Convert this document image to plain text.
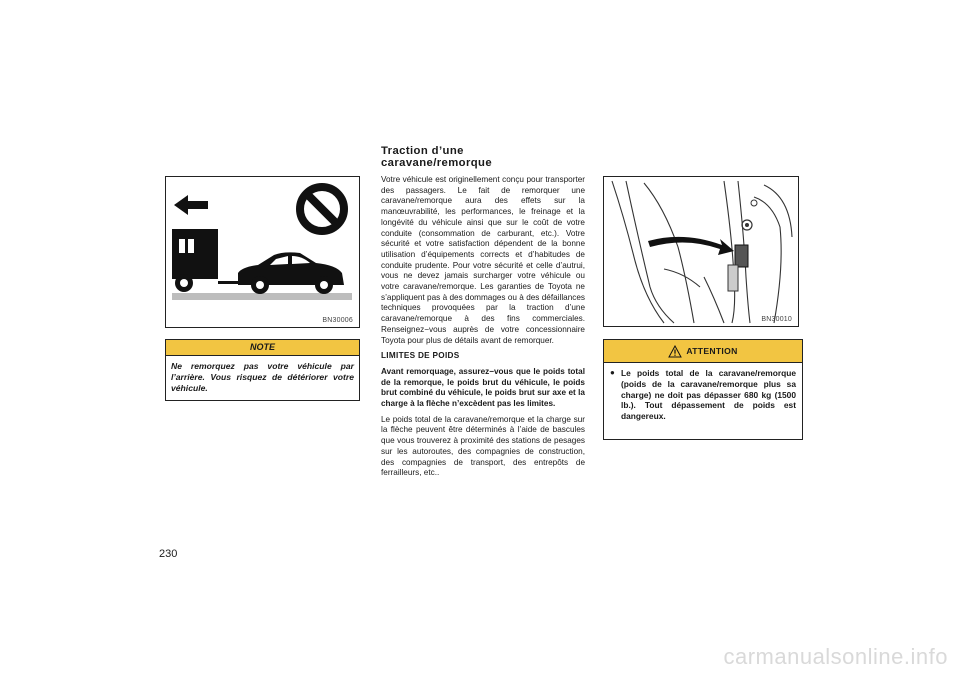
BN30006
NOTE
Ne remorquez pas votre véhicule par l’arrière. Vous risquez de détériorer votre véhicule.
230
Traction d’une
caravane/remorque

Votre véhicule est originellement conçu pour transporter des passagers. Le fait de remorquer une caravane/remorque aura des effets sur la manœuvrabilité, les performances, le freinage et la longévité du véhicule ainsi que sur le coût de votre conduite (consommation de carburant, etc.). Votre sécurité et votre satisfaction dépendent de la bonne utilisation d’équipements corrects et d’habitudes de conduite prudente. Pour votre sécurité et celle d’autrui, vous ne devez jamais surcharger votre véhicule ou votre caravane/remorque. Les garanties de Toyota ne s’appliquent pas à des dommages ou à des défaillances techniques provoquées par la traction d’une caravane/remorque à des fins commerciales. Renseignez−vous auprès de votre concessionnaire Toyota pour plus de détails avant de remorquer.

LIMITES DE POIDS

Avant remorquage, assurez−vous que le poids total de la remorque, le poids brut du véhicule, le poids brut combiné du véhicule, le poids brut sur axe et la charge à la flèche n’excèdent pas les limites.

Le poids total de la caravane/remorque et la charge sur la flèche peuvent être déterminés à l’aide de bascules que vous trouverez à proximité des stations de pesages sur les autoroutes, des compagnies de construction, des compagnies de transport, des entrepôts de ferrailleurs, etc..

BN30010
ATTENTION
● Le poids total de la caravane/remorque (poids de la caravane/remorque plus sa charge) ne doit pas dépasser 680 kg (1500 lb.). Tout dépassement de poids est dangereux.
carmanualsonline.info
